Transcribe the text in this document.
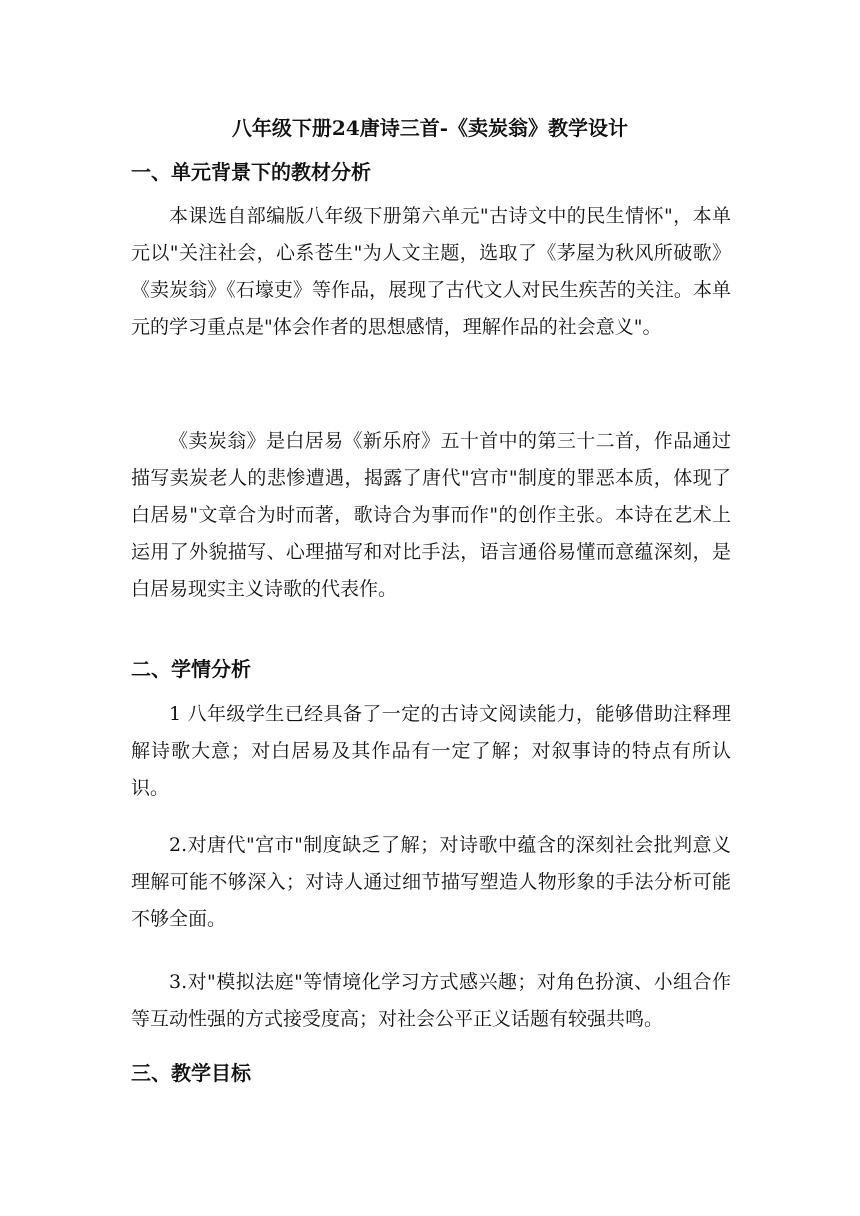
八年级下册24唐诗三首-《卖炭翁》教学设计
一、单元背景下的教材分析
本课选自部编版八年级下册第六单元"古诗文中的民生情怀"，本单元以"关注社会，心系苍生"为人文主题，选取了《茅屋为秋风所破歌》《卖炭翁》《石壕吏》等作品，展现了古代文人对民生疾苦的关注。本单元的学习重点是"体会作者的思想感情，理解作品的社会意义"。
《卖炭翁》是白居易《新乐府》五十首中的第三十二首，作品通过描写卖炭老人的悲惨遭遇，揭露了唐代"宫市"制度的罪恶本质，体现了白居易"文章合为时而著，歌诗合为事而作"的创作主张。本诗在艺术上运用了外貌描写、心理描写和对比手法，语言通俗易懂而意蕴深刻，是白居易现实主义诗歌的代表作。
二、学情分析
1 八年级学生已经具备了一定的古诗文阅读能力，能够借助注释理解诗歌大意；对白居易及其作品有一定了解；对叙事诗的特点有所认识。
2.对唐代"宫市"制度缺乏了解；对诗歌中蕴含的深刻社会批判意义理解可能不够深入；对诗人通过细节描写塑造人物形象的手法分析可能不够全面。
3.对"模拟法庭"等情境化学习方式感兴趣；对角色扮演、小组合作等互动性强的方式接受度高；对社会公平正义话题有较强共鸣。
三、教学目标
